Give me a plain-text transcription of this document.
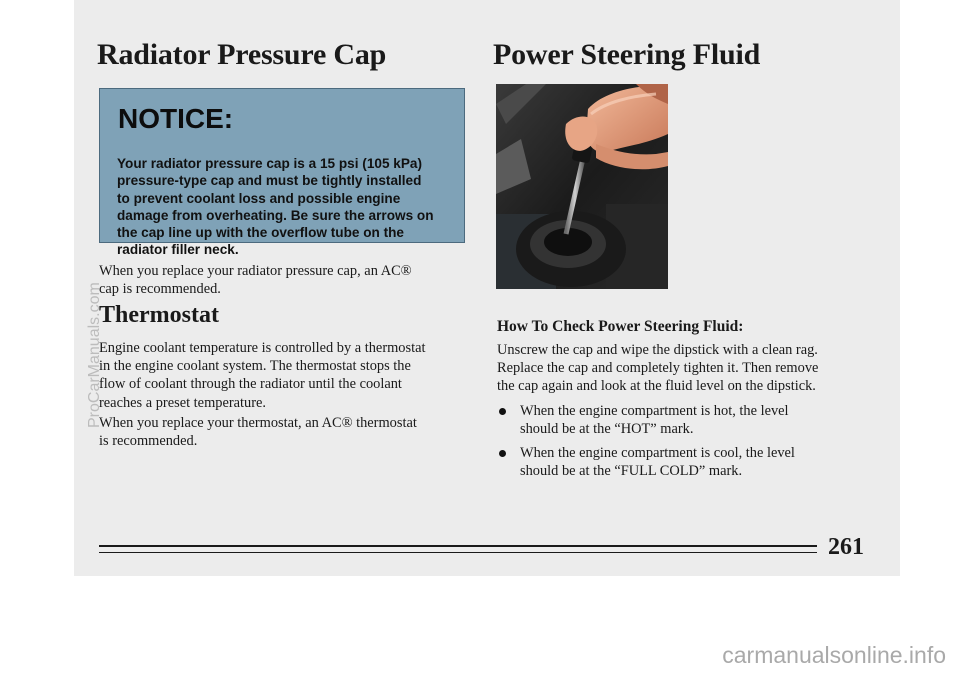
Radiator Pressure Cap
NOTICE:
Your radiator pressure cap is a 15 psi (105 kPa)
pressure-type cap and must be tightly installed
to prevent coolant loss and possible engine
damage from overheating. Be sure the arrows on
the cap line up with the overflow tube on the
radiator filler neck.
When you replace your radiator pressure cap, an AC®
cap is recommended.
Thermostat
Engine coolant temperature is controlled by a thermostat
in the engine coolant system. The thermostat stops the
flow of coolant through the radiator until the coolant
reaches a preset temperature.
When you replace your thermostat, an AC® thermostat
is recommended.
Power Steering Fluid
How To Check Power Steering Fluid:
Unscrew the cap and wipe the dipstick with a clean rag.
Replace the cap and completely tighten it. Then remove
the cap again and look at the fluid level on the dipstick.
When the engine compartment is hot, the level
should be at the “HOT” mark.
When the engine compartment is cool, the level
should be at the “FULL COLD” mark.
261
ProCarManuals.com
carmanualsonline.info
